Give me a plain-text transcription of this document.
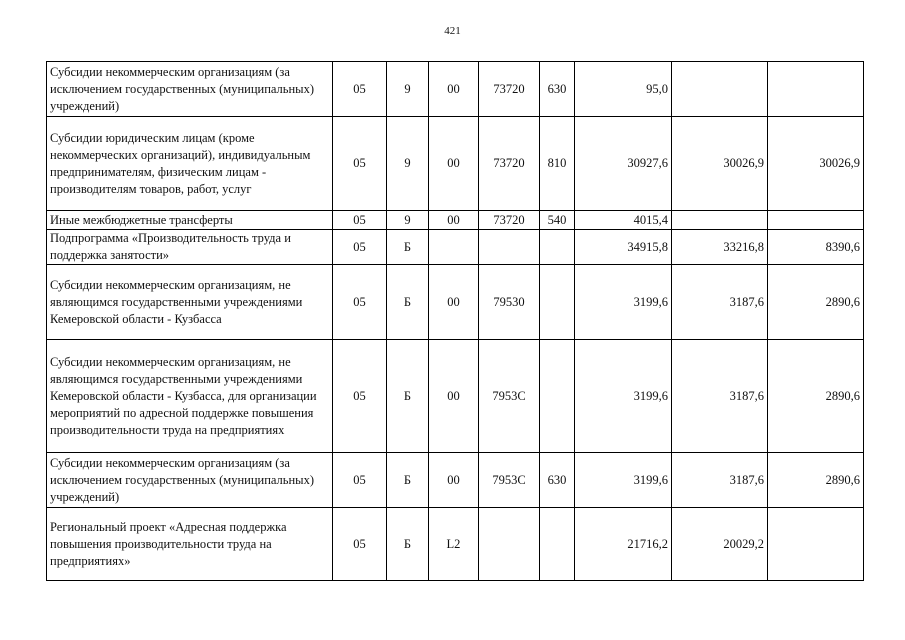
421
Субсидии некоммерческим организациям (за исключением государственных (муниципальных) учреждений)	05	9	00	73720	630	95,0		
Субсидии юридическим лицам (кроме некоммерческих организаций), индивидуальным предпринимателям, физическим лицам - производителям товаров, работ, услуг	05	9	00	73720	810	30927,6	30026,9	30026,9
Иные межбюджетные трансферты	05	9	00	73720	540	4015,4		
Подпрограмма «Производительность труда и поддержка занятости»	05	Б				34915,8	33216,8	8390,6
Субсидии некоммерческим организациям, не являющимся государственными учреждениями Кемеровской области - Кузбасса	05	Б	00	79530		3199,6	3187,6	2890,6
Субсидии некоммерческим организациям, не являющимся государственными учреждениями Кемеровской области - Кузбасса, для организации мероприятий по адресной поддержке повышения производительности труда на предприятиях	05	Б	00	7953С		3199,6	3187,6	2890,6
Субсидии некоммерческим организациям (за исключением государственных (муниципальных) учреждений)	05	Б	00	7953С	630	3199,6	3187,6	2890,6
Региональный проект «Адресная поддержка повышения производительности труда на предприятиях»	05	Б	L2			21716,2	20029,2	
